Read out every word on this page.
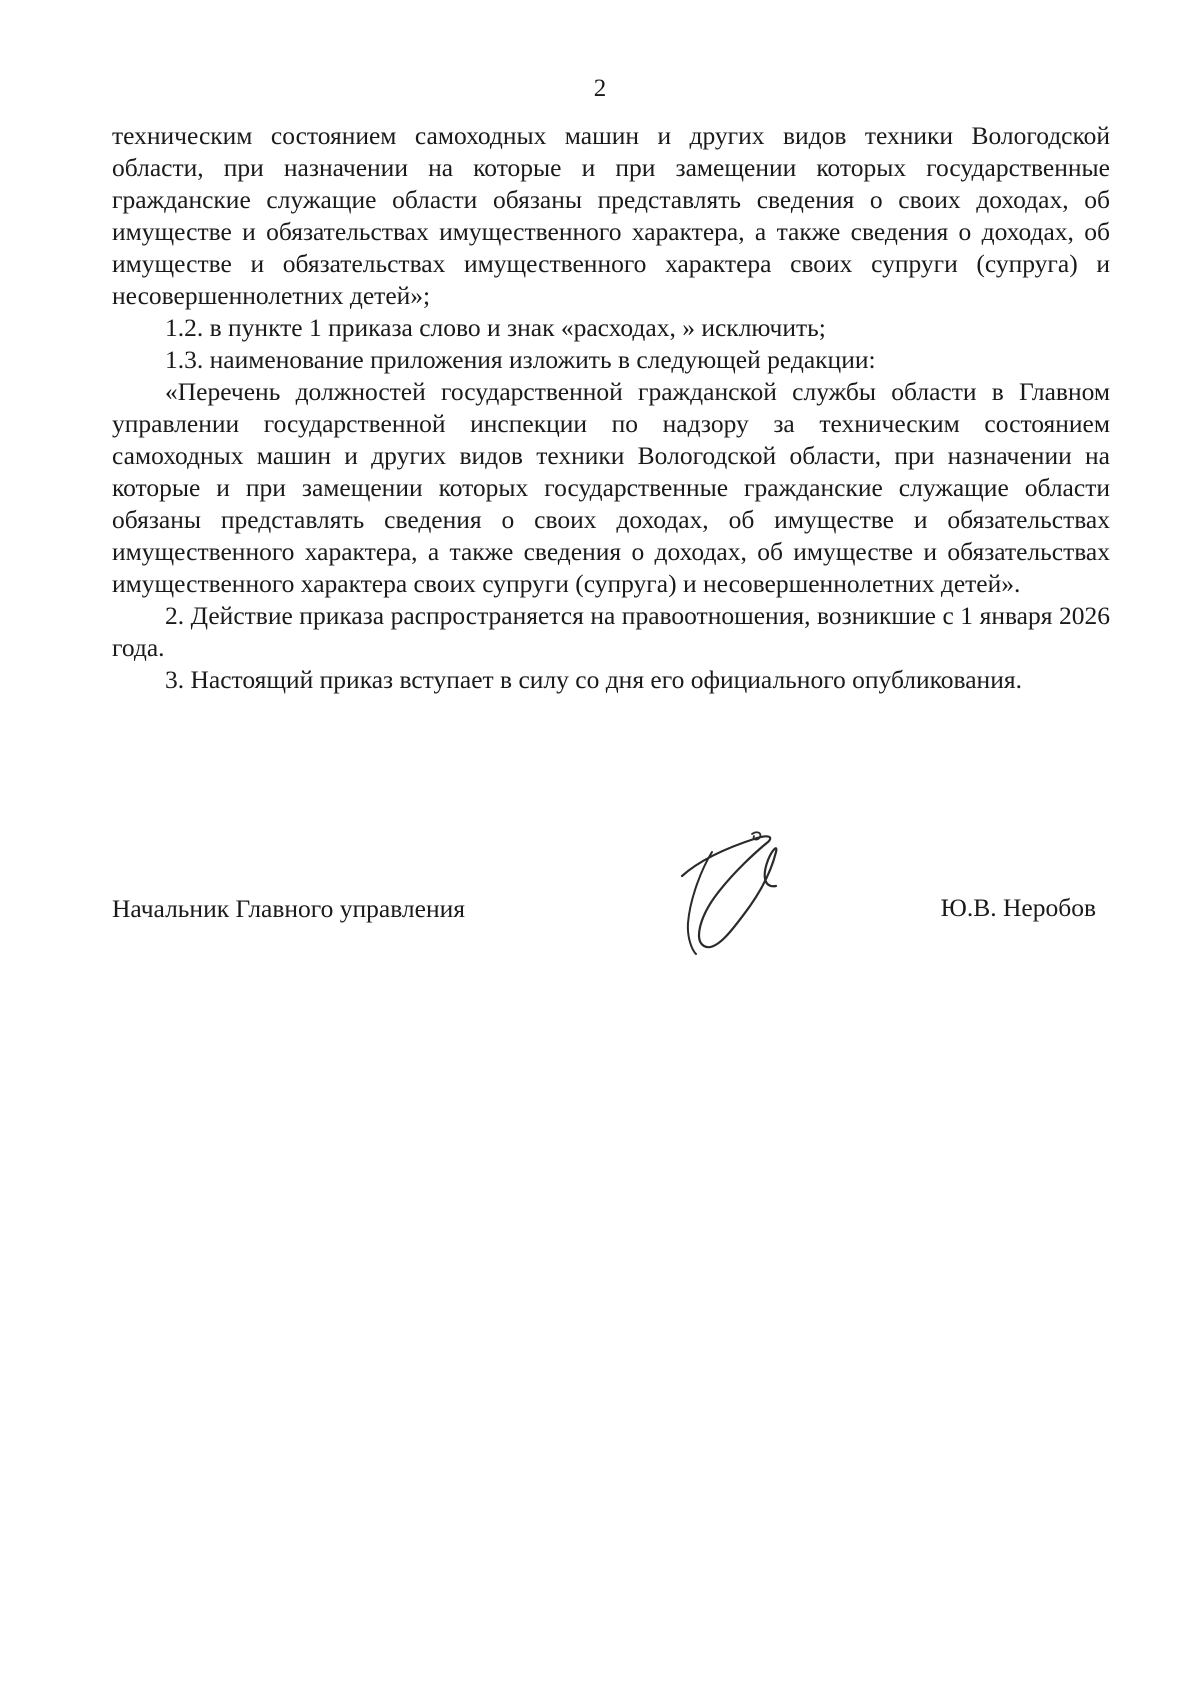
2

техническим состоянием самоходных машин и других видов техники Вологодской области, при назначении на которые и при замещении которых государственные гражданские служащие области обязаны представлять сведения о своих доходах, об имуществе и обязательствах имущественного характера, а также сведения о доходах, об имуществе и обязательствах имущественного характера своих супруги (супруга) и несовершеннолетних детей»;

1.2. в пункте 1 приказа слово и знак «расходах, » исключить;

1.3. наименование приложения изложить в следующей редакции:

«Перечень должностей государственной гражданской службы области в Главном управлении государственной инспекции по надзору за техническим состоянием самоходных машин и других видов техники Вологодской области, при назначении на которые и при замещении которых государственные гражданские служащие области обязаны представлять сведения о своих доходах, об имуществе и обязательствах имущественного характера, а также сведения о доходах, об имуществе и обязательствах имущественного характера своих супруги (супруга) и несовершеннолетних детей».

2. Действие приказа распространяется на правоотношения, возникшие с 1 января 2026 года.

3. Настоящий приказ вступает в силу со дня его официального опубликования.

Начальник Главного управления	Ю.В. Неробов
